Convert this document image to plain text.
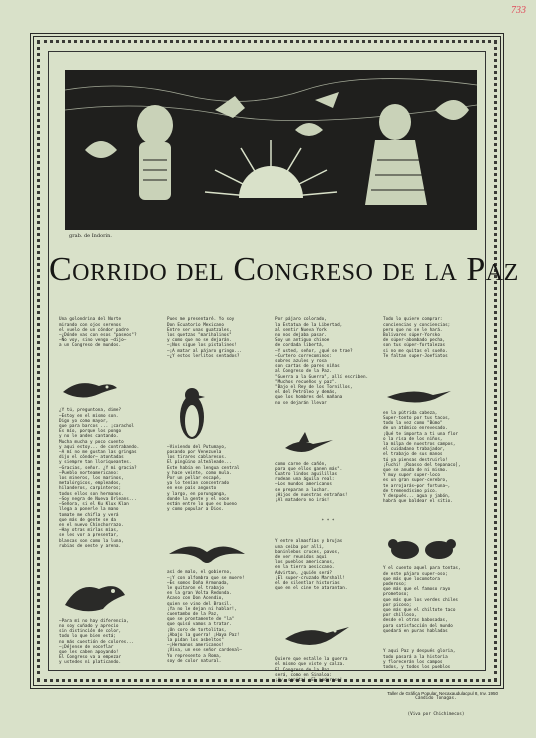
733
grab. de Indorin.
Corrido del Congreso de la Paz

Una golondrina del Norte
mirando con ojos serenos
el vuelo de un cóndor padre
—¿Dónde vas con esos "paseos"?
—No voy, sino vengo —dijo—
a un Congreso de mundos.

¿Y tú, preguntona, dime?
—Estoy en el mismo son.
Digo yo como mayor,
que para barcos ... ¡carachol
Es mío, porque los pongo
y no le andes cantando.
Mucha mucha y poco cuento
y aquí estoy... de contrabando.
—A mí no me gustan las gringas
dijo el cóndor— atontadas
y siempre tan lloriqueantes.
—Gracias, señor. ¿Y mi gracia?
—Pueblo norteamericano:
los mineros, los marinos,
metalúrgicos, empleados,
hilanderos, carpinteros;
todos ellos son hermanos.
—Soy negra de Nueva Orleans...
—Señora, si el Ku Klux Klan
llega a ponerle la mano
tomate me chifla y verá
que más de gente se da
en el nuevo Chinchorrazo.
—Hay otras mirlas mías,
se les vor a presentar,
blancas son como la luna,
rubias de oeste y arena.

—Para mí no hay diferencia,
no soy cuñado y aprecio
sin distinción de color,
todo lo que bien está;
no más cuestión de colores...
—¡Déjense de voceflar
que les caben apoyando!
El Congreso va a empezar
y ustedes ni platicando.

Pues me presentaré. Yo soy
Don Ecuatorio Mexicano
Entre ser unas guatzales,
los quetzas "marihalinos"
y como que no se dejarán.
—¡Nos sigue los pistalines!
—¡A matar al pájaro gringo...
—¿Y estos lerlitos sentados?

—Viviendo del Putumayo,
pasando por Venezuela
los tirares cablaresos.
El pingüino alteáleade...
Este había en lengua central
y hace veinte, como mula.
Por un pellar escapé,
ya lo tenían concentrado
en ese país angosto
y largo, en porunganga,
donde la gente y el voce
están entre lo que es bueno
y como popular a Dios.

así de malo, el gobierno,
—¡Y con alfombra que se muere!
—Es somos Doña Armonada,
le quitaron el trabajo
en la gran Volta Redonda.
Acaso con Don Acendio,
quien se vino del Brasil.
¡Ya no le dejan ni hablar!,
cuentambo de la Paz,
que se prontamente de "la"
que quisó vamos a tratar.
¡Un coro de tortolitas,
¡Abajo la guerra! ¡Haya Paz!
la pidan los asbeltos"
—¡Hermanos americanos!
¡Viva, un ese señor cardenal—
Yo represento a Roma,
soy de color natural.

Por pájaro colorado,
la Estatua de la Libertad,
al sentir Nueva York
no nos dejaba pasar.
Soy un antiguo chinoe
de cordada libertá,
—Y usted, señor, ¿qué se trae?
—Curtero correcominos:
sobres azules y rosa
son cartas de pares niñas
al Congreso de la Paz.
"Guerra a la Guerra", allí escriben.
"Muchos recueños y paz".
"Bajo el Rey de los Tornillos,
el del Petróleo y demás,
que los hombres del mañana
no se dejarán llevar

como carne de cañón,
para que ellos ganen más".
Cuatro lindos aguilillas
rodean una águila real:
—Los mundos americanos
se preparan a luchar.
¡Hijos de nuestras entrañas!
¡Al matadero no irás!

* * *

Y entre almasfías y brujas
una ceiba por allí,
baninlebos cruces, pavos,
de ver reunidos aquí
los pueblos americanos,
en la tierra aesiccano.
Advirtan, ¿quién será?
¡El super-cruzado Marshall!
el de silentlar historias
que en el cine te atarantan.

Quiere que estalle la guerra
el mismo que viste y calza.
El Congreso de la Paz
será, como en Sinaloa:
¡Ay, sanita! ¡El poderoso!

Todo lo quiere comprar:
conciencias y conciencias;
pero que no se le hará.
Bolivares súper-Yorsko
de súper-abombado pecha,
son tus súper-fortalezas
si no me quitas el sueño.
Te faltan super-Joefiatos

en la pútrida cabeza,
Super-tonto por tus tacos,
todo la vez como "Búmo"
de un atómico enrevesado.
¡Qué te importa a ti una flor
o la risa de los niños,
la milpa de nuestros campos,
el cuidadano trabajador,
el trabajo de sus manos
tú ya piensas destruirlo!
¡Fuchi! ¡Roasso del tepanaco],
que se anuda de ni mismo.
Y muy super super-loco
es un gran super-cerebro,
te arrojarás—por fortuna—,
de tremendísimo pico.
Y después... agua y jabón,
habrá que baldear el sitio.

Y el cuento aquel para tontas,
de este pájaro super-oso;
que más que locomotora
poderoso;
que más que el famoso rayo
prometoso;
que más que los verdes chiles
por picoso;
que más que el chiltote taco
por chilloso,
desde el otras babosadas,
para satisfacción del mundo
quedará en puras habladas

Y aquí Paz y después gloria,
todo pasará a la historia
y florecerán los campos
todos, y todos los pueblos

Cándido Tonagas.

(Viva por Chichimecos)

Taller de Gráfica Popular, Necaxaudulacpul 8, Inv. 1950
